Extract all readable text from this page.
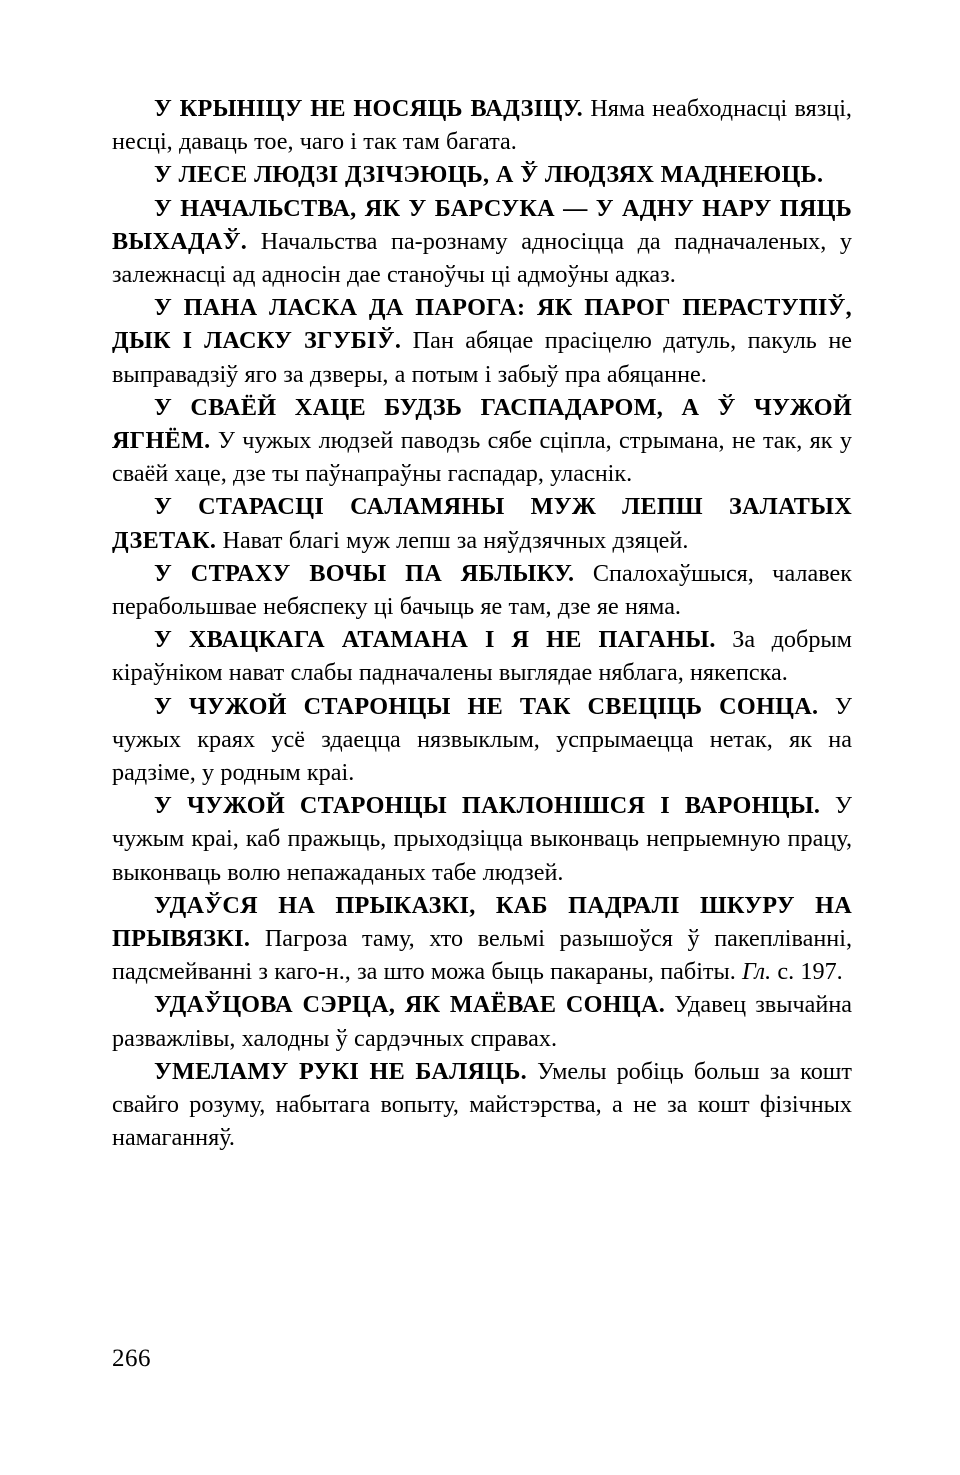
У КРЫНІЦУ НЕ НОСЯЦЬ ВАДЗІЦУ. Няма неабходнасці вязці, несці, даваць тое, чаго і так там багата.

У ЛЕСЕ ЛЮДЗІ ДЗІЧЭЮЦЬ, А Ў ЛЮДЗЯХ МАДНЕЮЦЬ.

У НАЧАЛЬСТВА, ЯК У БАРСУКА — У АДНУ НАРУ ПЯЦЬ ВЫХАДАЎ. Начальства па-рознаму адносіцца да падначаленых, у залежнасці ад адносін дае станоўчы ці адмоўны адказ.

У ПАНА ЛАСКА ДА ПАРОГА: ЯК ПАРОГ ПЕРАСТУПІЎ, ДЫК І ЛАСКУ ЗГУБІЎ. Пан абяцае прасіцелю датуль, пакуль не выправадзіў яго за дзверы, а потым і забыў пра абяцанне.

У СВАЁЙ ХАЦЕ БУДЗЬ ГАСПАДАРОМ, А Ў ЧУЖОЙ ЯГНЁМ. У чужых людзей паводзь сябе сціпла, стрымана, не так, як у сваёй хаце, дзе ты паўнапраўны гаспадар, уласнік.

У СТАРАСЦІ САЛАМЯНЫ МУЖ ЛЕПШ ЗАЛАТЫХ ДЗЕТАК. Нават благі муж лепш за няўдзячных дзяцей.

У СТРАХУ ВОЧЫ ПА ЯБЛЫКУ. Спалохаўшыся, чалавек перабольшвае небяспеку ці бачыць яе там, дзе яе няма.

У ХВАЦКАГА АТАМАНА І Я НЕ ПАГАНЫ. За добрым кіраўніком нават слабы падначалены выглядае няблага, някепска.

У ЧУЖОЙ СТАРОНЦЫ НЕ ТАК СВЕЦІЦЬ СОНЦА. У чужых краях усё здаецца нязвыклым, успрымаецца нетак, як на радзіме, у родным краі.

У ЧУЖОЙ СТАРОНЦЫ ПАКЛОНІШСЯ І ВАРОНЦЫ. У чужым краі, каб пражыць, прыходзіцца выконваць непрыемную працу, выконваць волю непажаданых табе людзей.

УДАЎСЯ НА ПРЫКАЗКІ, КАБ ПАДРАЛІ ШКУРУ НА ПРЫВЯЗКІ. Пагроза таму, хто вельмі разышоўся ў пакепліванні, падсмейванні з каго-н., за што можа быць пакараны, пабіты. Гл. с. 197.

УДАЎЦОВА СЭРЦА, ЯК МАЁВАЕ СОНЦА. Удавец звычайна разважлівы, халодны ў сардэчных справах.

УМЕЛАМУ РУКІ НЕ БАЛЯЦЬ. Умелы робіць больш за кошт свайго розуму, набытага вопыту, майстэрства, а не за кошт фізічных намаганняў.

266
